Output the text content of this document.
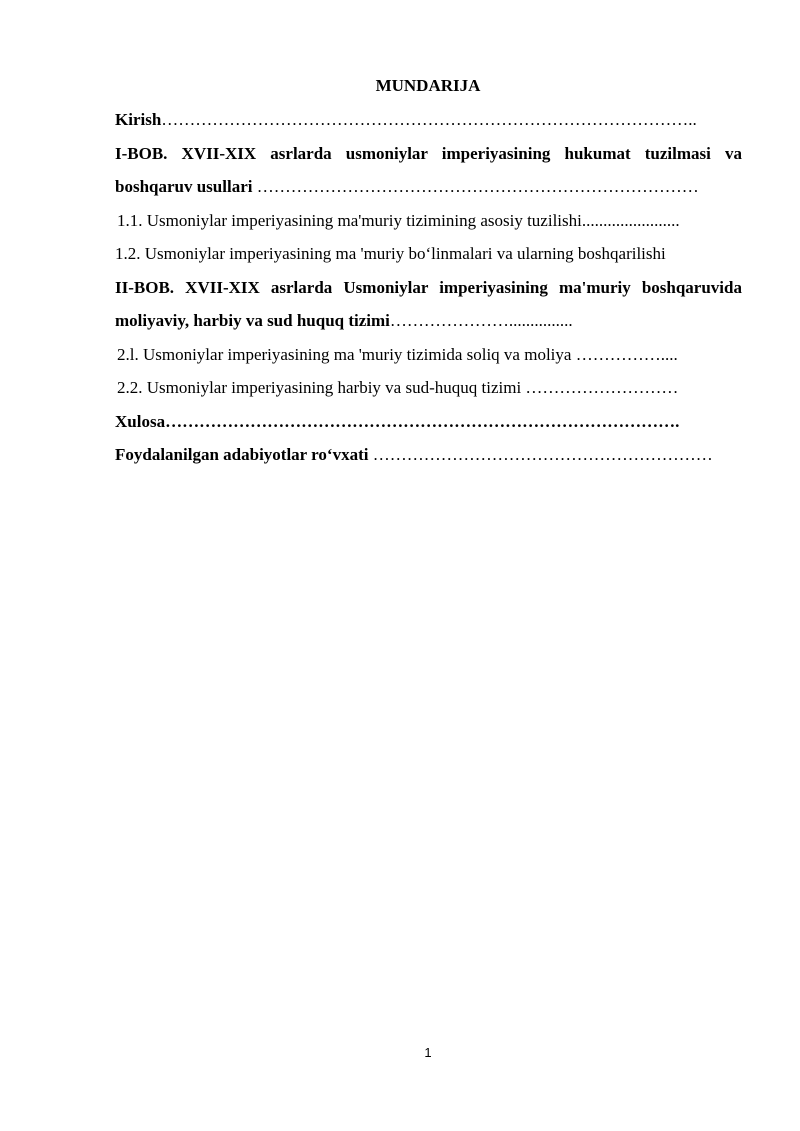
MUNDARIJA

Kirish…………………………………………………………………………………..

I-BOB. XVII-XIX asrlarda usmoniylar imperiyasining hukumat tuzilmasi va boshqaruv usullari ……………………………………………………………………

1.1. Usmoniylar imperiyasining ma'muriy tizimining asosiy tuzilishi.......................

1.2. Usmoniylar imperiyasining ma 'muriy bo‘linmalari va ularning boshqarilishi

II-BOB. XVII-XIX asrlarda Usmoniylar imperiyasining ma'muriy boshqaruvida moliyaviy, harbiy va sud huquq tizimi…………………...............

2.l. Usmoniylar imperiyasining ma 'muriy tizimida soliq va moliya ……………....

2.2. Usmoniylar imperiyasining harbiy va sud-huquq tizimi ………………………

Xulosa……………………………………………………………………………….

Foydalanilgan adabiyotlar ro‘vxati ……………………………………………………

1
